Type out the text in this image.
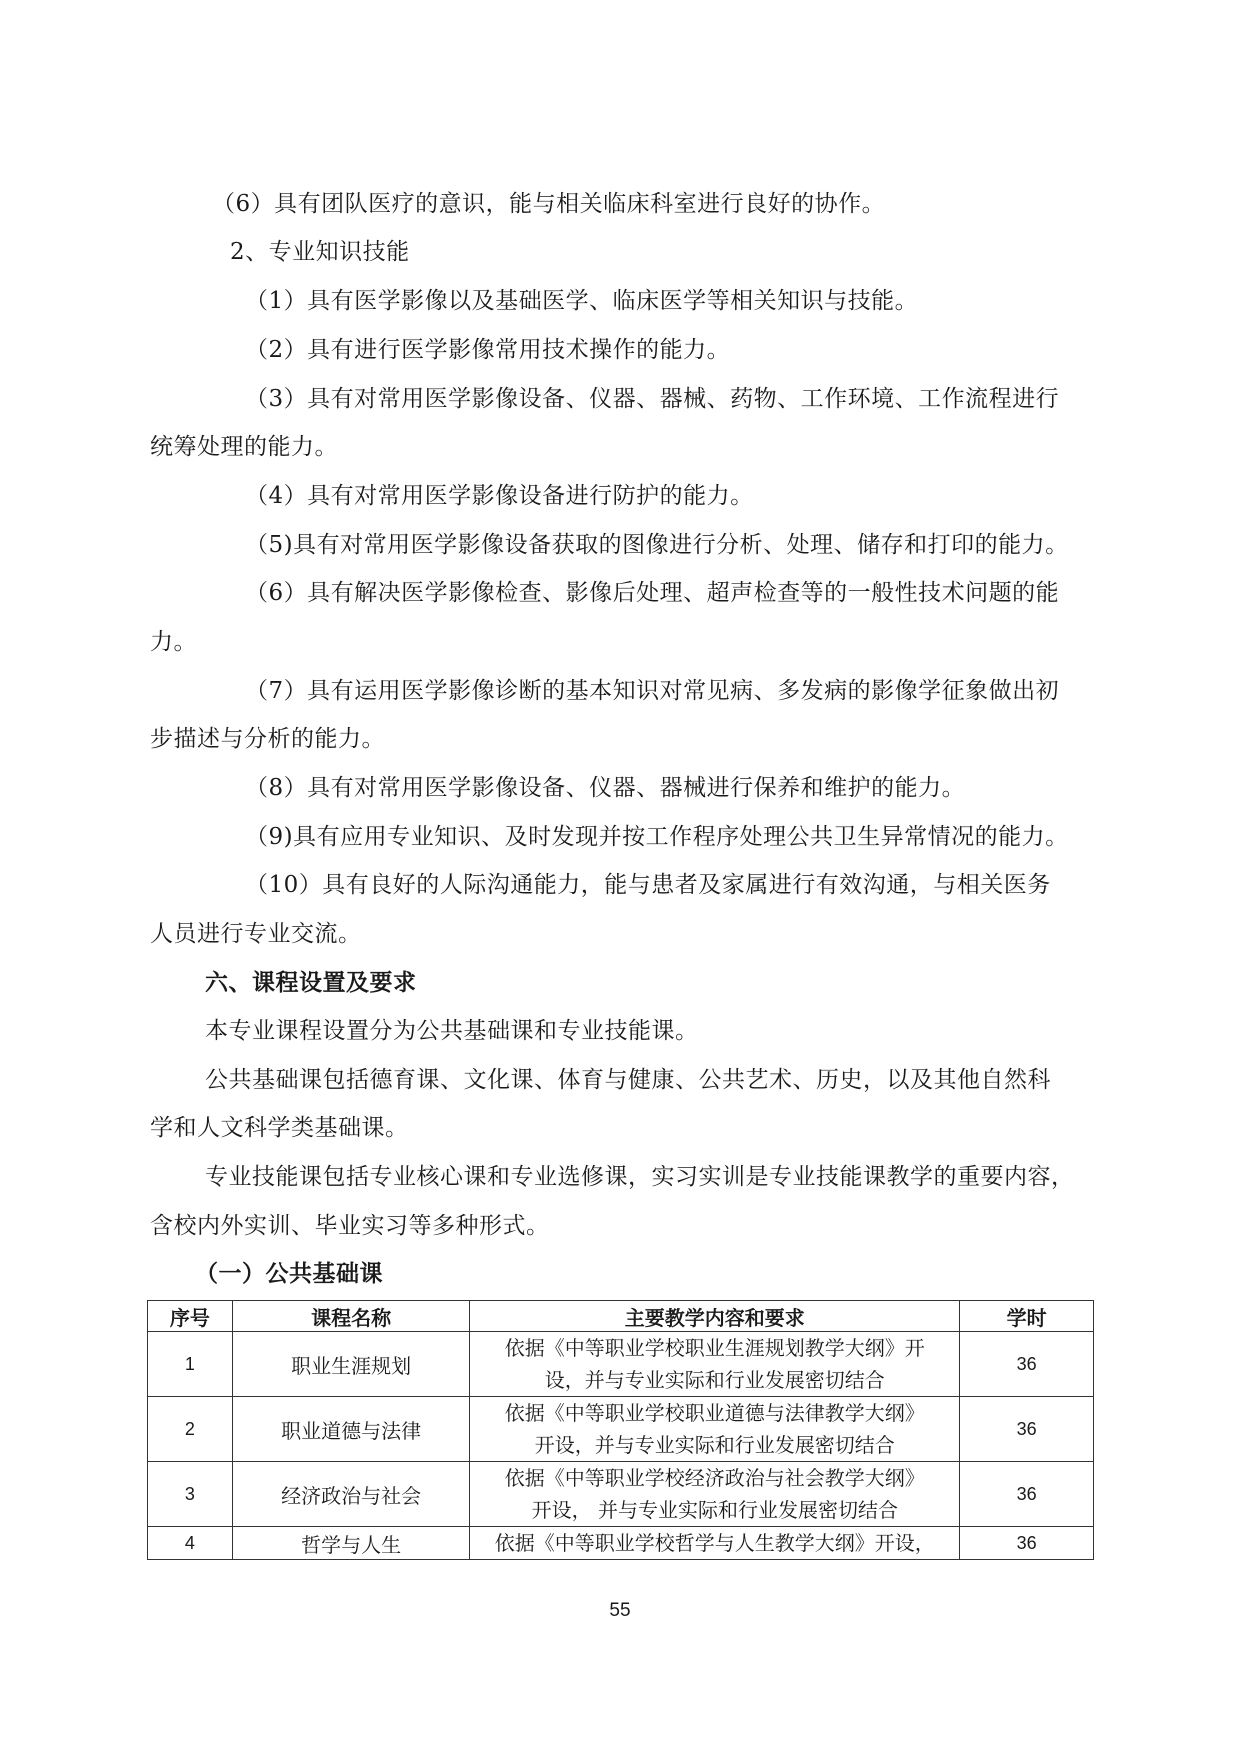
（6）具有团队医疗的意识，能与相关临床科室进行良好的协作。
2、专业知识技能
（1）具有医学影像以及基础医学、临床医学等相关知识与技能。
（2）具有进行医学影像常用技术操作的能力。
（3）具有对常用医学影像设备、仪器、器械、药物、工作环境、工作流程进行
统筹处理的能力。
（4）具有对常用医学影像设备进行防护的能力。
（5)具有对常用医学影像设备获取的图像进行分析、处理、储存和打印的能力。
（6）具有解决医学影像检查、影像后处理、超声检查等的一般性技术问题的能
力。
（7）具有运用医学影像诊断的基本知识对常见病、多发病的影像学征象做出初
步描述与分析的能力。
（8）具有对常用医学影像设备、仪器、器械进行保养和维护的能力。
（9)具有应用专业知识、及时发现并按工作程序处理公共卫生异常情况的能力。
（10）具有良好的人际沟通能力，能与患者及家属进行有效沟通，与相关医务
人员进行专业交流。
六、课程设置及要求
本专业课程设置分为公共基础课和专业技能课。
公共基础课包括德育课、文化课、体育与健康、公共艺术、历史，以及其他自然科
学和人文科学类基础课。
专业技能课包括专业核心课和专业选修课，实习实训是专业技能课教学的重要内容，
含校内外实训、毕业实习等多种形式。
（一）公共基础课
序号	课程名称	主要教学内容和要求	学时
1	职业生涯规划	依据《中等职业学校职业生涯规划教学大纲》开
设，并与专业实际和行业发展密切结合	36
2	职业道德与法律	依据《中等职业学校职业道德与法律教学大纲》
开设，并与专业实际和行业发展密切结合	36
3	经济政治与社会	依据《中等职业学校经济政治与社会教学大纲》
开设， 并与专业实际和行业发展密切结合	36
4	哲学与人生	依据《中等职业学校哲学与人生教学大纲》开设，	36
55
